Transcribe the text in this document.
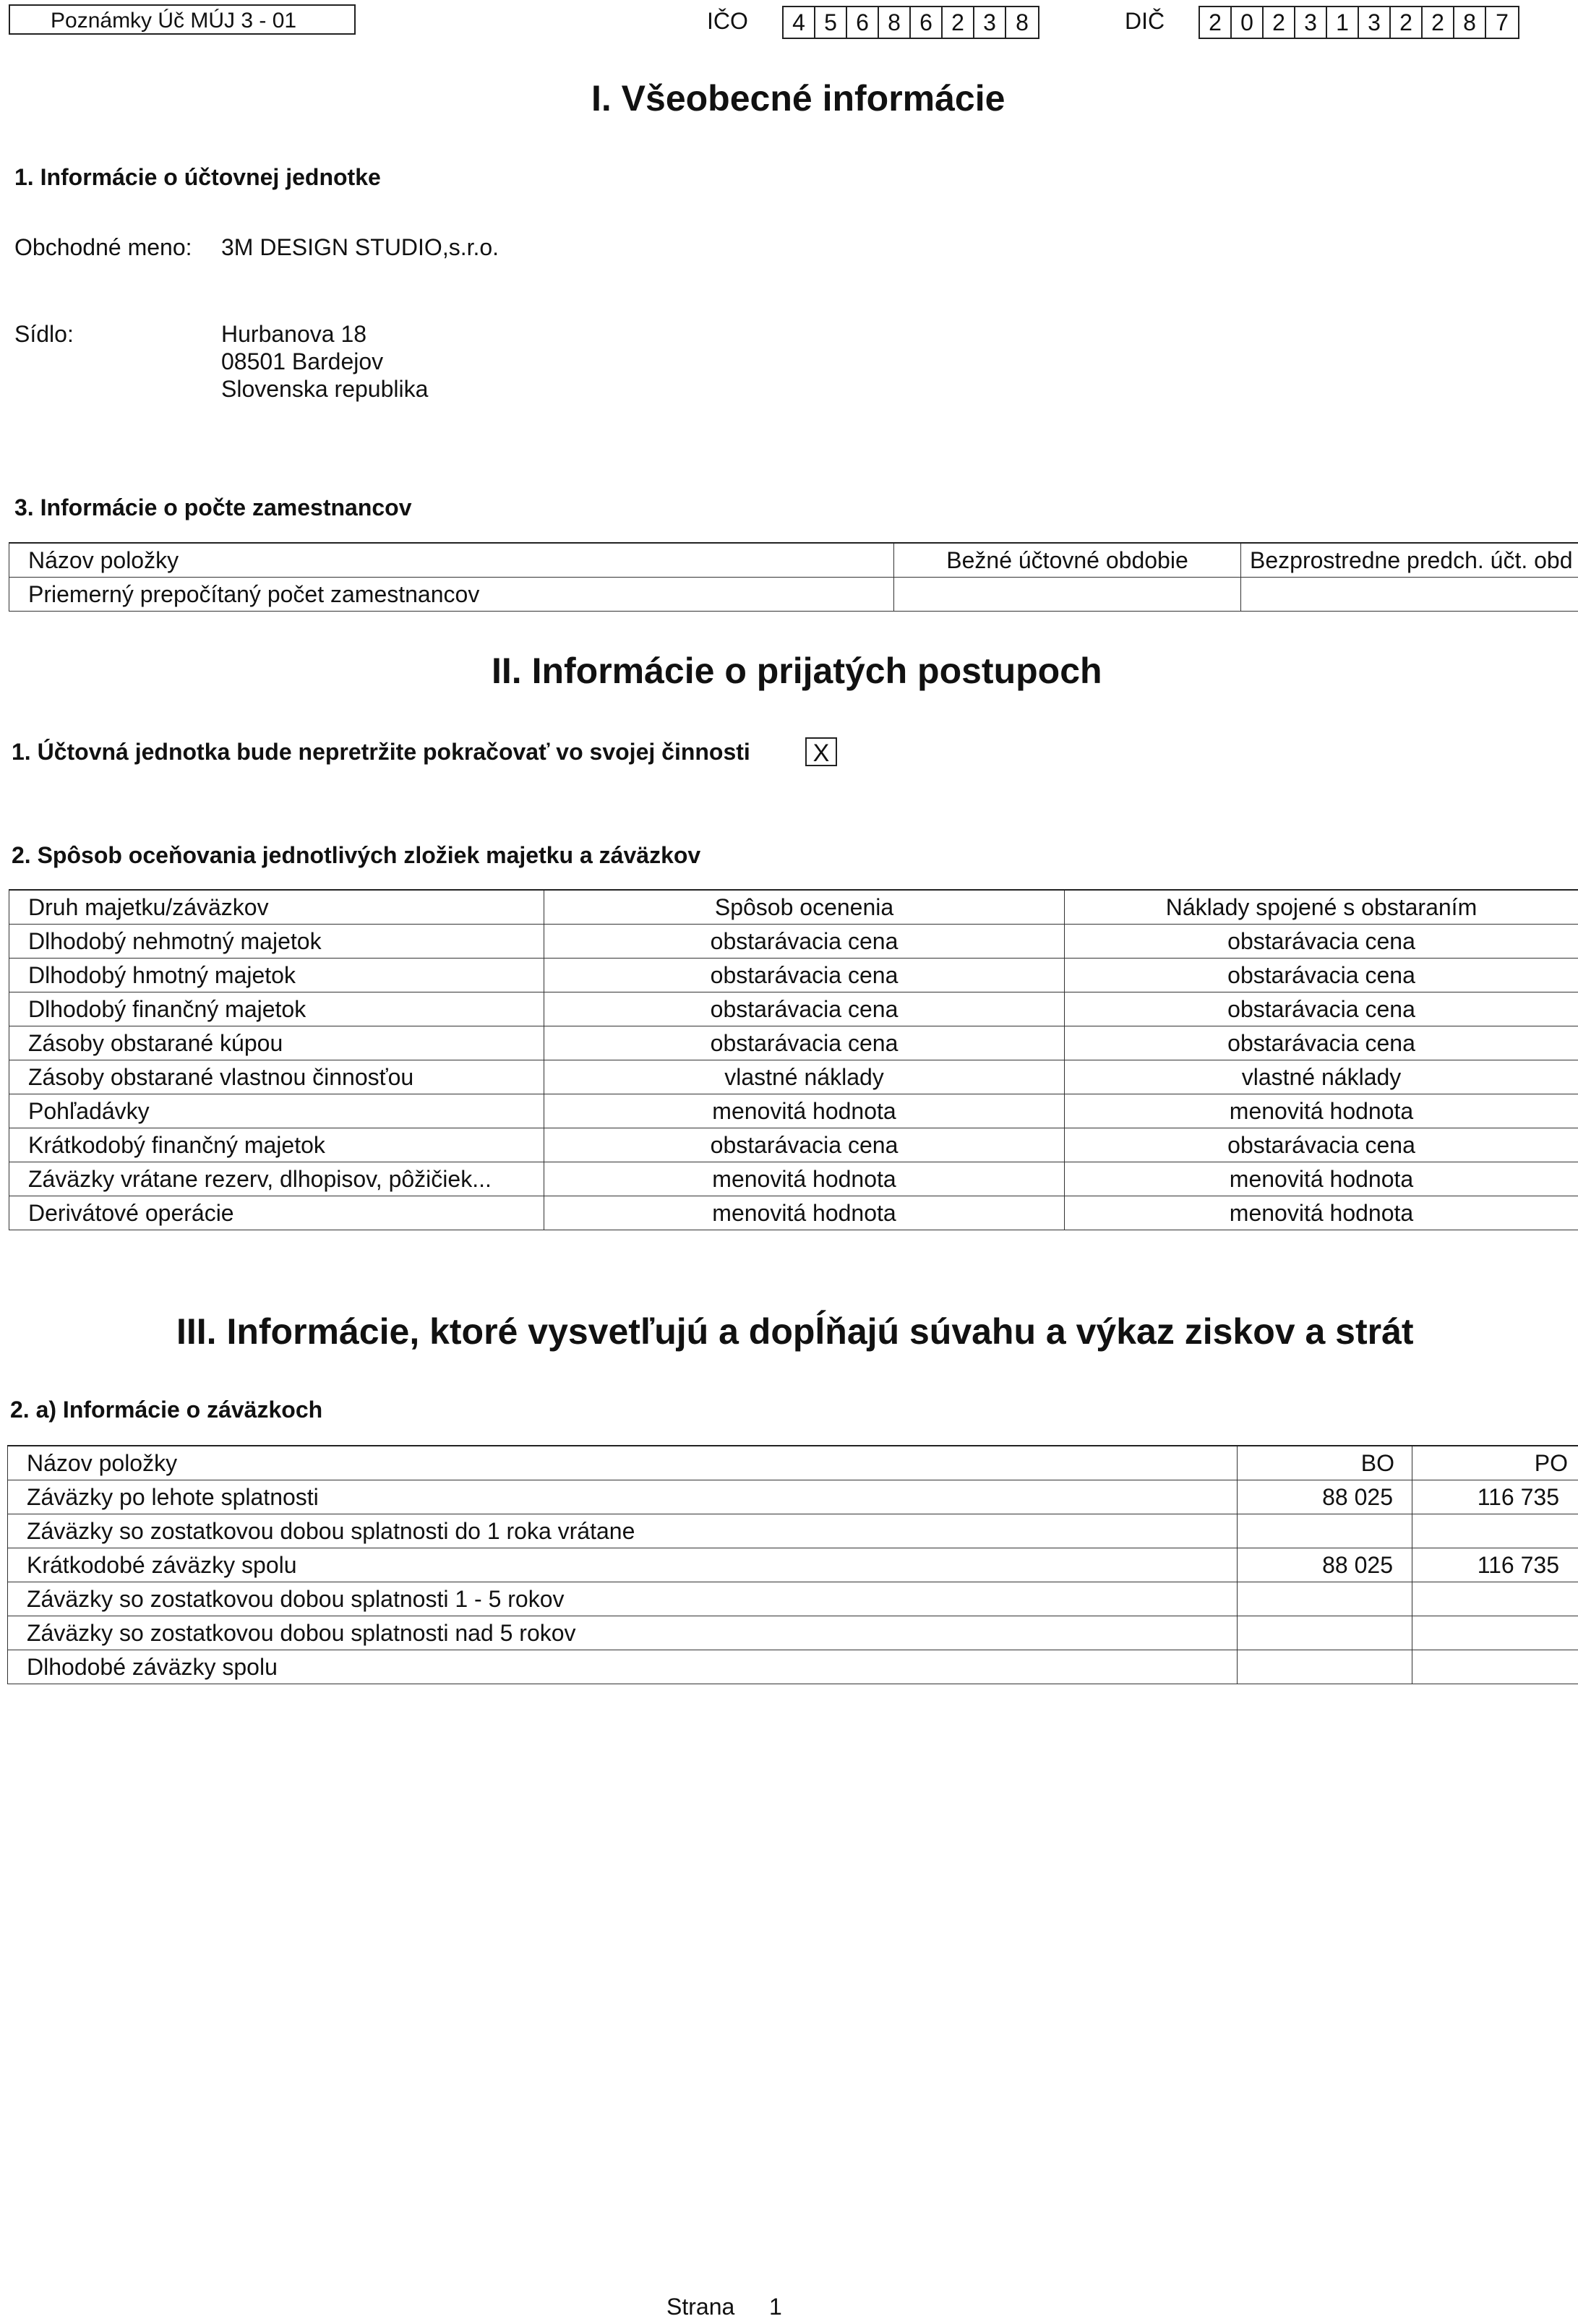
Poznámky Úč MÚJ 3 - 01	IČO	4 5 6 8 6 2 3 8	DIČ	2 0 2 3 1 3 2 2 8 7
I. Všeobecné informácie
1. Informácie o účtovnej jednotke
Obchodné meno: 3M DESIGN STUDIO,s.r.o.
Sídlo:	Hurbanova 18
08501 Bardejov
Slovenska republika
3. Informácie o počte zamestnancov
Názov položky	Bežné účtovné obdobie	Bezprostredne predch. účt. obd
Priemerný prepočítaný počet zamestnancov		
II. Informácie o prijatých postupoch
1. Účtovná jednotka bude nepretržite pokračovať vo svojej činnosti	X
2. Spôsob oceňovania jednotlivých zložiek majetku a záväzkov
Druh majetku/záväzkov	Spôsob ocenenia	Náklady spojené s obstaraním
Dlhodobý nehmotný majetok	obstarávacia cena	obstarávacia cena
Dlhodobý hmotný majetok	obstarávacia cena	obstarávacia cena
Dlhodobý finančný majetok	obstarávacia cena	obstarávacia cena
Zásoby obstarané kúpou	obstarávacia cena	obstarávacia cena
Zásoby obstarané vlastnou činnosťou	vlastné náklady	vlastné náklady
Pohľadávky	menovitá hodnota	menovitá hodnota
Krátkodobý finančný majetok	obstarávacia cena	obstarávacia cena
Záväzky vrátane rezerv, dlhopisov, pôžičiek...	menovitá hodnota	menovitá hodnota
Derivátové operácie	menovitá hodnota	menovitá hodnota
III. Informácie, ktoré vysvetľujú a dopĺňajú súvahu a výkaz ziskov a strát
2. a) Informácie o záväzkoch
Názov položky	BO	PO
Záväzky po lehote splatnosti	88 025	116 735
Záväzky so zostatkovou dobou splatnosti do 1 roka vrátane		
Krátkodobé záväzky spolu	88 025	116 735
Záväzky so zostatkovou dobou splatnosti 1 - 5 rokov		
Záväzky so zostatkovou dobou splatnosti nad 5 rokov		
Dlhodobé záväzky spolu		
Strana 1
